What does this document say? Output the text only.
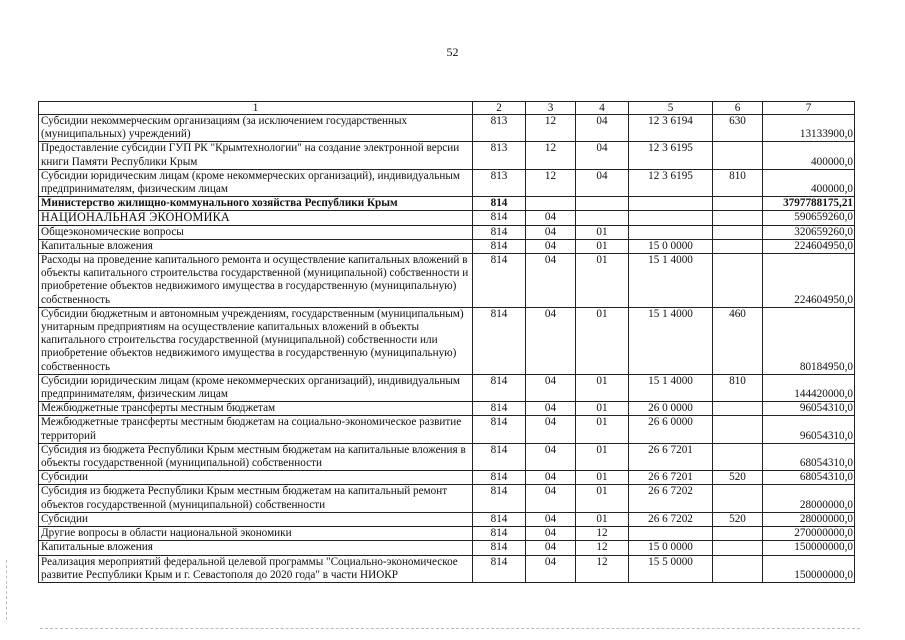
52
1	2	3	4	5	6	7
Субсидии некоммерческим организациям (за исключением государственных (муниципальных) учреждений)	813	12	04	12 3 6194	630	13133900,0
Предоставление субсидии ГУП РК "Крымтехнологии" на создание электронной версии книги Памяти Республики Крым	813	12	04	12 3 6195		400000,0
Субсидии юридическим лицам (кроме некоммерческих организаций), индивидуальным предпринимателям, физическим лицам	813	12	04	12 3 6195	810	400000,0
Министерство жилищно-коммунального хозяйства Республики Крым	814					3797788175,21
НАЦИОНАЛЬНАЯ ЭКОНОМИКА	814	04				590659260,0
Общеэкономические вопросы	814	04	01			320659260,0
Капитальные вложения	814	04	01	15 0 0000		224604950,0
Расходы на проведение капитального ремонта и осуществление капитальных вложений в объекты капитального строительства государственной (муниципальной) собственности и приобретение объектов недвижимого имущества в государственную (муниципальную) собственность	814	04	01	15 1 4000		224604950,0
Субсидии бюджетным и автономным учреждениям, государственным (муниципальным) унитарным предприятиям на осуществление капитальных вложений в объекты капитального строительства государственной (муниципальной) собственности или приобретение объектов недвижимого имущества в государственную (муниципальную) собственность	814	04	01	15 1 4000	460	80184950,0
Субсидии юридическим лицам (кроме некоммерческих организаций), индивидуальным предпринимателям, физическим лицам	814	04	01	15 1 4000	810	144420000,0
Межбюджетные трансферты местным бюджетам	814	04	01	26 0 0000		96054310,0
Межбюджетные трансферты местным бюджетам на социально-экономическое развитие территорий	814	04	01	26 6 0000		96054310,0
Субсидия из бюджета Республики Крым местным бюджетам на капитальные вложения в объекты государственной (муниципальной) собственности	814	04	01	26 6 7201		68054310,0
Субсидии	814	04	01	26 6 7201	520	68054310,0
Субсидия из бюджета Республики Крым местным бюджетам на капитальный ремонт объектов государственной (муниципальной) собственности	814	04	01	26 6 7202		28000000,0
Субсидии	814	04	01	26 6 7202	520	28000000,0
Другие вопросы в области национальной экономики	814	04	12			270000000,0
Капитальные вложения	814	04	12	15 0 0000		150000000,0
Реализация мероприятий федеральной целевой программы "Социально-экономическое развитие Республики Крым и г. Севастополя до 2020 года" в части НИОКР	814	04	12	15 5 0000		150000000,0
